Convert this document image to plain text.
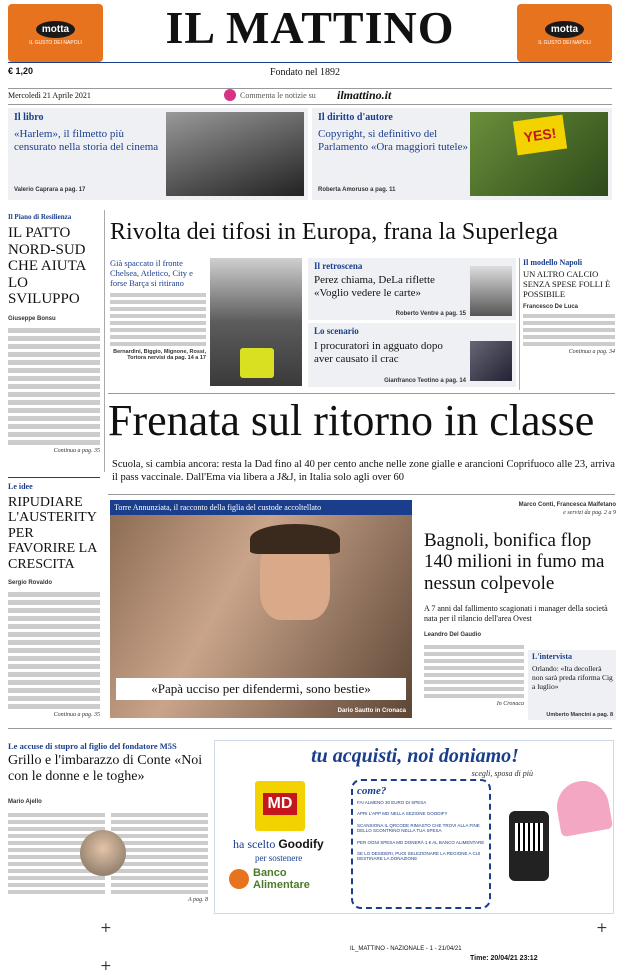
motta
IL GUSTO DEI NAPOLI
motta
IL GUSTO DEI NAPOLI
IL MATTINO
€ 1,20	Fondato nel 1892
Mercoledì 21 Aprile 2021	Commenta le notizie su ilmattino.it
Il libro
«Harlem», il filmetto più censurato nella storia del cinema
Valerio Caprara a pag. 17
Il diritto d'autore
Copyright, si definitivo del Parlamento «Ora maggiori tutele»
Roberta Amoruso a pag. 11
YES!
Il Piano di Resilienza
IL PATTO NORD-SUD CHE AIUTA LO SVILUPPO
Giuseppe Bonsu
Continua a pag. 35
Le idee
RIPUDIARE L'AUSTERITY PER FAVORIRE LA CRESCITA
Sergio Rovaldo
Continua a pag. 35
Rivolta dei tifosi in Europa, frana la Superlega
Già spaccato il fronte Chelsea, Atletico, City e forse Barça si ritirano
Bernardini, Biggio, Mignone, Rossi, Tortora nervisi da pag. 14 a 17
Il retroscena
Perez chiama, DeLa riflette «Voglio vedere le carte»
Roberto Ventre a pag. 15
Lo scenario
I procuratori in agguato dopo aver causato il crac
Gianfranco Teotino a pag. 14
Il modello Napoli
UN ALTRO CALCIO SENZA SPESE FOLLI È POSSIBILE
Francesco De Luca
Continua a pag. 34
Frenata sul ritorno in classe
Scuola, si cambia ancora: resta la Dad fino al 40 per cento anche nelle zone gialle e arancioni Coprifuoco alle 23, arriva il pass vaccinale. Dall'Ema via libera a J&J, in Italia solo agli over 60
Torre Annunziata, il racconto della figlia del custode accoltellato
«Papà ucciso per difendermi, sono bestie»
Dario Sautto in Cronaca
Marco Conti, Francesca Malfetano
e servizi da pag. 2 a 9
Bagnoli, bonifica flop 140 milioni in fumo ma nessun colpevole
A 7 anni dal fallimento scagionati i manager della società nata per il rilancio dell'area Ovest
Leandro Del Gaudio
In Cronaca
L'intervista
Orlando: «Ita decollerà non sarà preda riforma Cig a luglio»
Umberto Mancini a pag. 8
Le accuse di stupro al figlio del fondatore M5S
Grillo e l'imbarazzo di Conte «Noi con le donne e le toghe»
Mario Ajello
A pag. 8
tu acquisti, noi doniamo!
scegli, sposa di più
MD
ha scelto Goodify
per sostenere
Banco
Alimentare
come?
FAI ALMENO 30 EURO DI SPESA
APRI L'APP MD NELLA SEZIONE GOODIFY
SCANSIONA IL QRCODE RIMASTO CHE TROVI ALLA FINE DELLO SCONTRINO NELLA TUA SPESA
PER OGNI SPESA MD DONERÀ 1 € AL BANCO ALIMENTARE
SE LO DESIDERI, PUOI SELEZIONARE LA REGIONE A CUI DESTINARE LA DONAZIONE
+
+
+
IL_MATTINO - NAZIONALE - 1 - 21/04/21
Time: 20/04/21 23:12
